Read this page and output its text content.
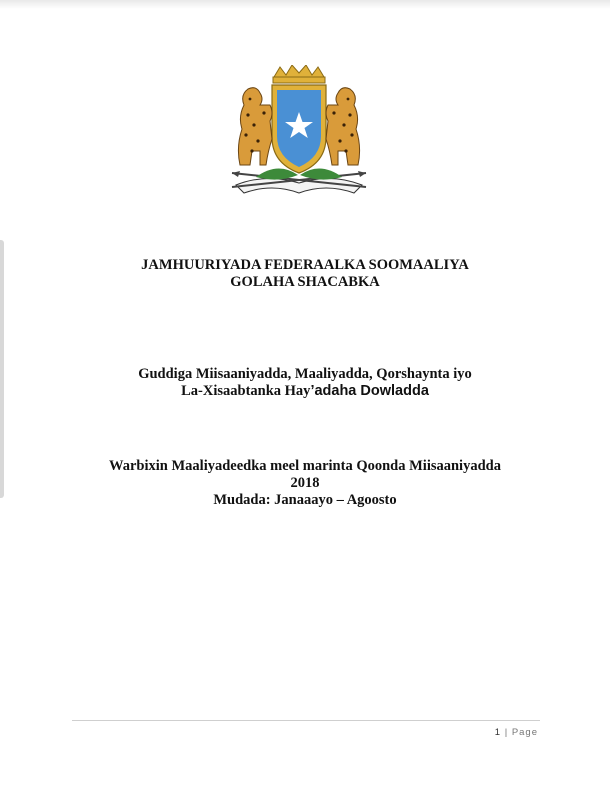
JAMHUURIYADA FEDERAALKA SOOMAALIYA
GOLAHA SHACABKA
Guddiga Miisaaniyadda, Maaliyadda, Qorshaynta iyo
La-Xisaabtanka Hay’adaha Dowladda
Warbixin Maaliyadeedka meel marinta Qoonda Miisaaniyadda
2018
Mudada: Janaaayo – Agoosto
1 | Page
